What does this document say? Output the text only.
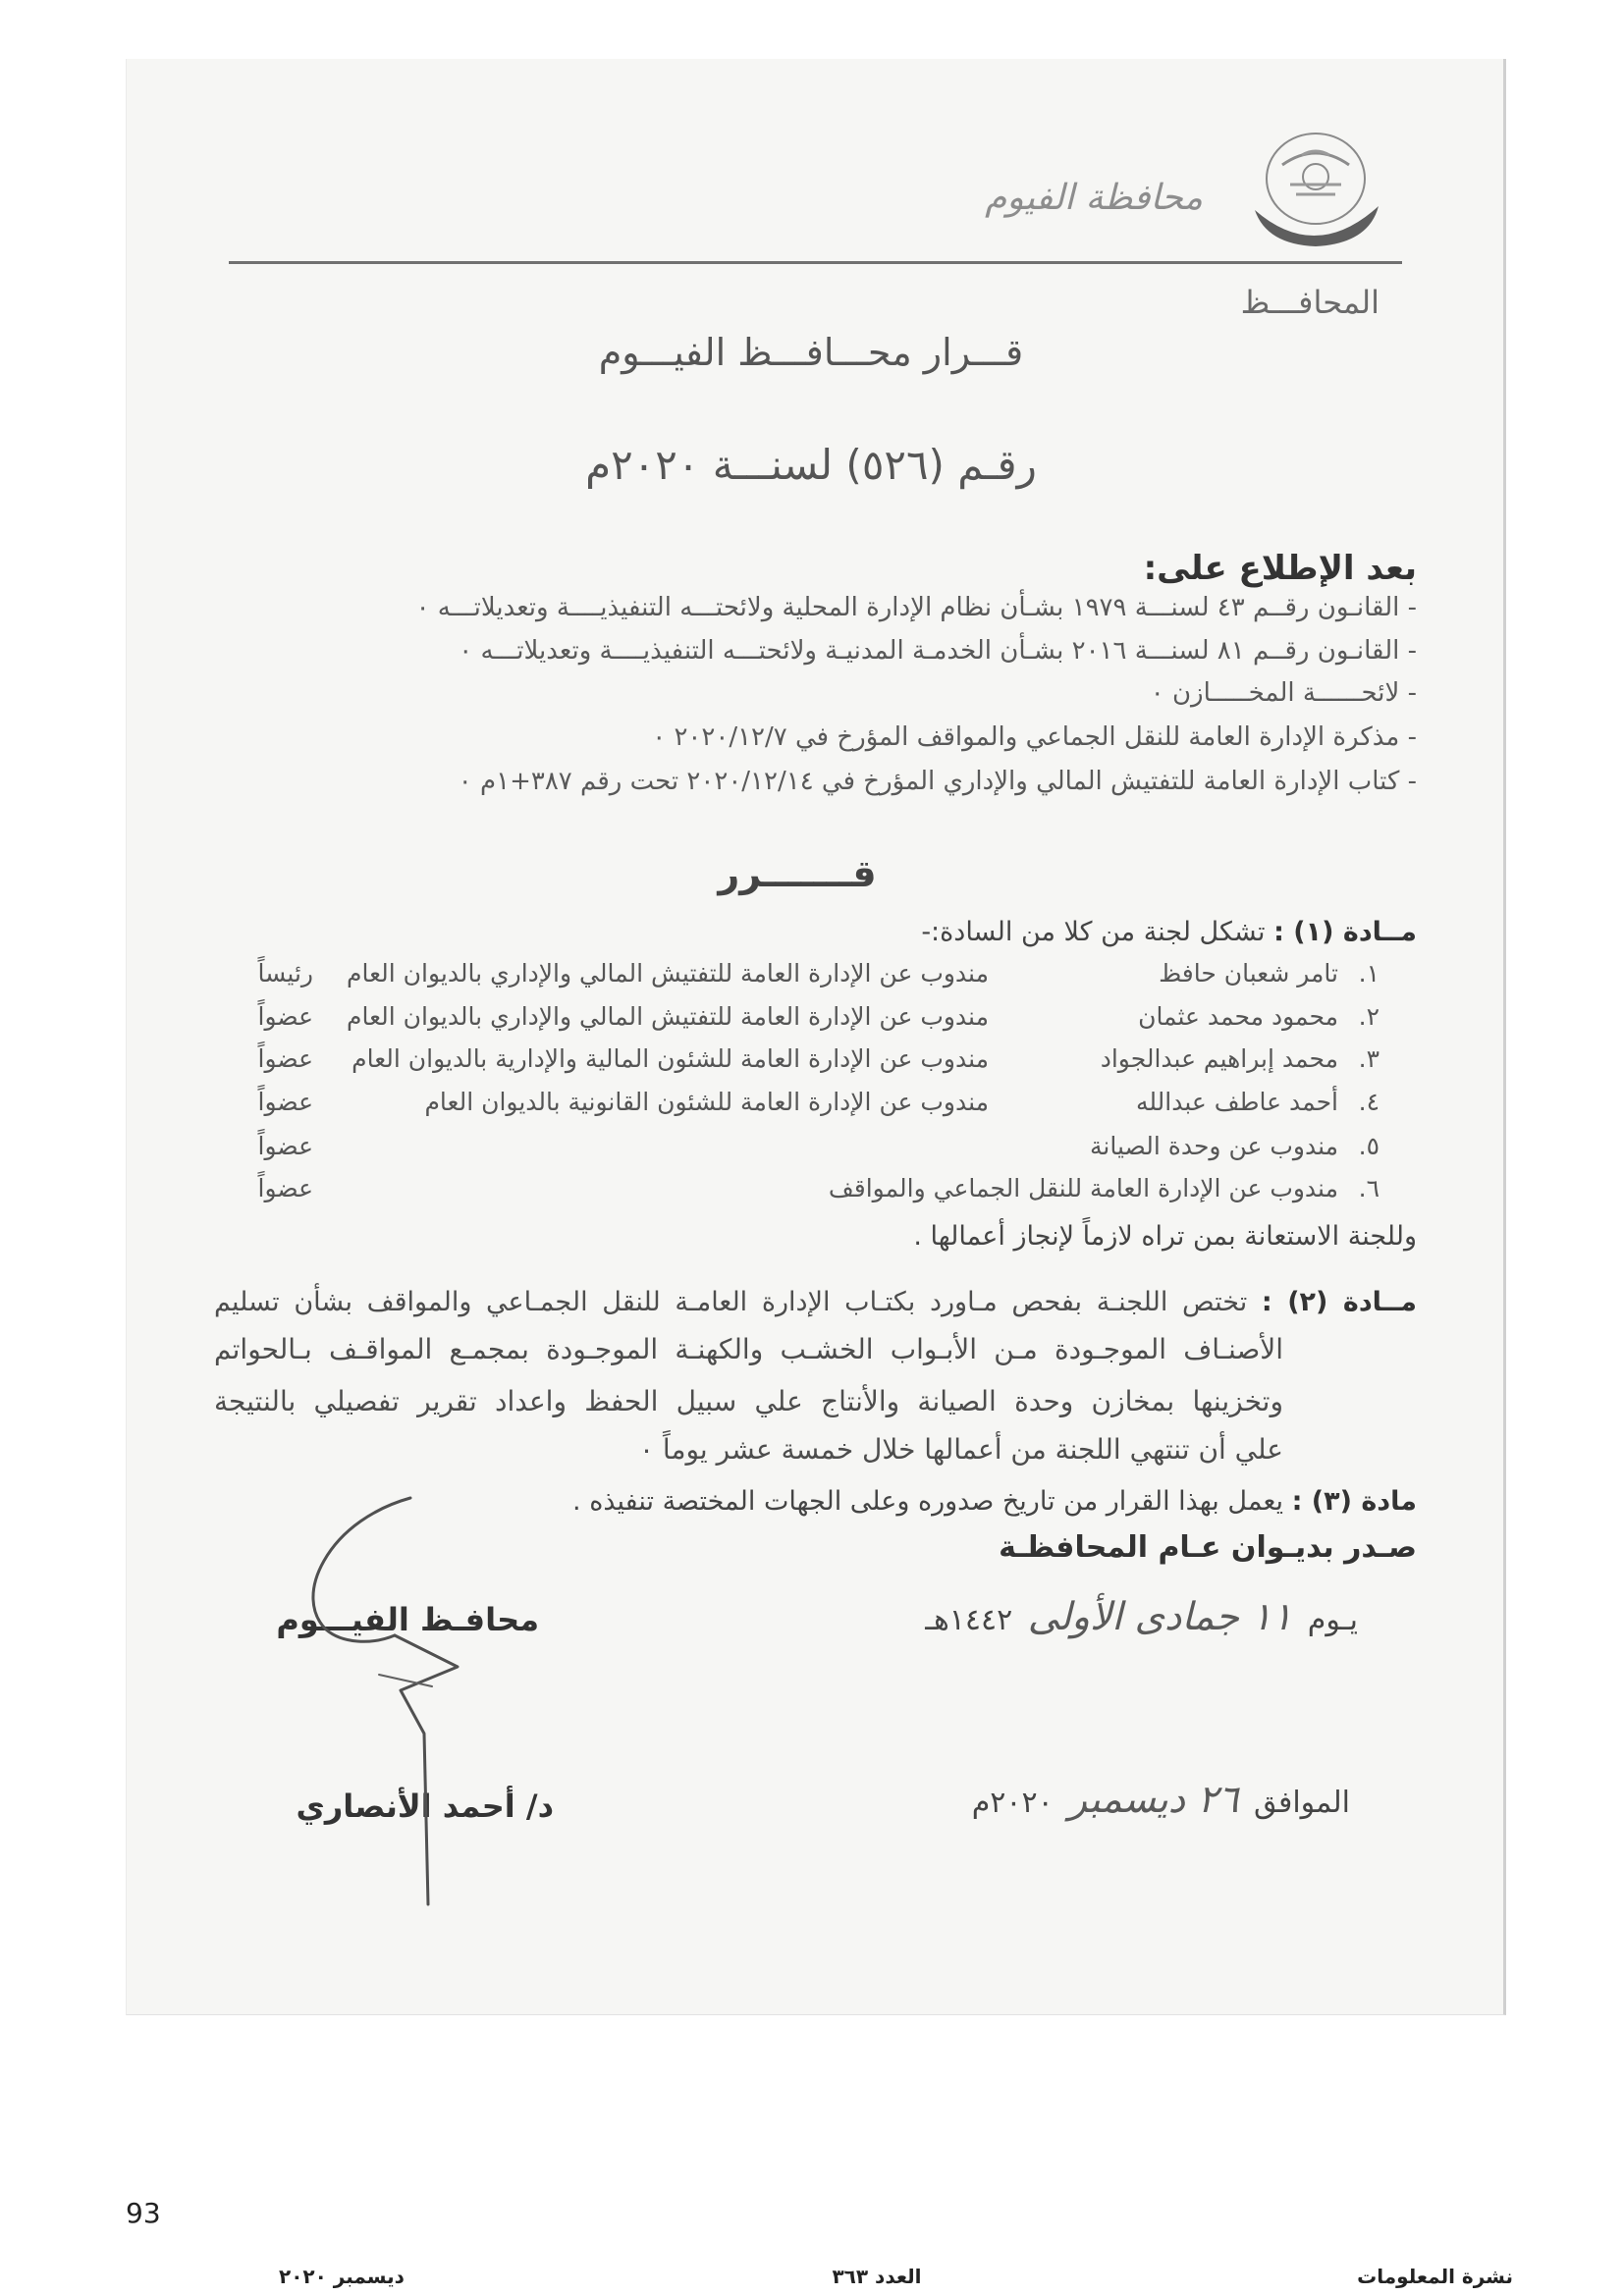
محافظة الفيوم
المحافـــظ
قـــرار محـــافـــظ الفيـــوم
رقـم (٥٢٦) لسنـــة ٢٠٢٠م
بعد الإطلاع على:
- القانـون رقــم ٤٣ لسنـــة ١٩٧٩ بشـأن نظام الإدارة المحلية ولائحتـــه التنفيذيــــة وتعديلاتـــه ٠
- القانـون رقــم ٨١ لسنـــة ٢٠١٦ بشـأن الخدمـة المدنيـة ولائحتـــه التنفيذيــــة وتعديلاتـــه ٠
- لائحــــــة المخـــــازن ٠
- مذكرة الإدارة العامة للنقل الجماعي والمواقف المؤرخ في ٢٠٢٠/١٢/٧ ٠
- كتاب الإدارة العامة للتفتيش المالي والإداري المؤرخ في ٢٠٢٠/١٢/١٤ تحت رقم ٣٨٧+١م ٠
قـــــــرر
مــادة (١) : تشكل لجنة من كلا من السادة:-
١.
تامر شعبان حافظ
مندوب عن الإدارة العامة للتفتيش المالي والإداري بالديوان العام
رئيساً
٢.
محمود محمد عثمان
مندوب عن الإدارة العامة للتفتيش المالي والإداري بالديوان العام
عضواً
٣.
محمد إبراهيم عبدالجواد
مندوب عن الإدارة العامة للشئون المالية والإدارية بالديوان العام
عضواً
٤.
أحمد عاطف عبدالله
مندوب عن الإدارة العامة للشئون القانونية بالديوان العام
عضواً
٥.
مندوب عن وحدة الصيانة
عضواً
٦.
مندوب عن الإدارة العامة للنقل الجماعي والمواقف
عضواً
وللجنة الاستعانة بمن تراه لازماً لإنجاز أعمالها .
مــادة (٢) : تختص اللجنـة بفحص مـاورد بكتـاب الإدارة العامـة للنقل الجمـاعي والمواقف بشأن تسليم
الأصنـاف الموجـودة مـن الأبـواب الخشـب والكهنـة الموجـودة بمجمـع المواقـف بـالحواتم
وتخزينها بمخازن وحدة الصيانة والأنتاج علي سبيل الحفظ واعداد تقرير تفصيلي بالنتيجة
علي أن تنتهي اللجنة من أعمالها خلال خمسة عشر يوماً ٠
مادة (٣) : يعمل بهذا القرار من تاريخ صدوره وعلى الجهات المختصة تنفيذه .
صـدر بديـوان عـام المحافظـة
محافـظ الفيـــوم
د/ أحمد الأنصاري
يـوم ١١ جمادى الأولى ١٤٤٢هـ
الموافق ٢٦ ديسمبر ٢٠٢٠م
93
نشرة المعلومات
العدد ٣٦٣
ديسمبر ٢٠٢٠
